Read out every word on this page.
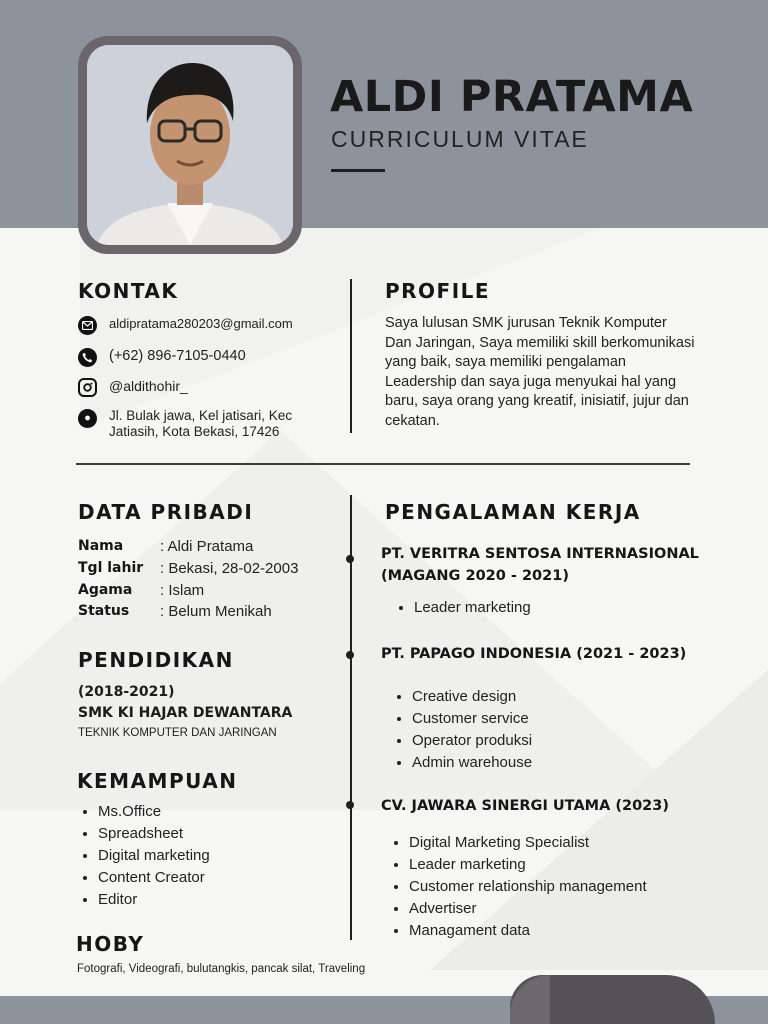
ALDI PRATAMA
CURRICULUM VITAE
KONTAK
aldipratama280203@gmail.com
(+62) 896-7105-0440
@aldithohir_
Jl. Bulak jawa, Kel jatisari, Kec
Jatiasih, Kota Bekasi, 17426
PROFILE
Saya lulusan SMK jurusan Teknik Komputer Dan Jaringan, Saya memiliki skill berkomunikasi yang baik, saya memiliki pengalaman Leadership dan saya juga menyukai hal yang baru, saya orang yang kreatif, inisiatif, jujur dan cekatan.
DATA PRIBADI
Nama : Aldi Pratama
Tgl lahir : Bekasi, 28-02-2003
Agama : Islam
Status : Belum Menikah
PENDIDIKAN
(2018-2021)
SMK KI HAJAR DEWANTARA
TEKNIK KOMPUTER DAN JARINGAN
KEMAMPUAN
• Ms.Office
• Spreadsheet
• Digital marketing
• Content Creator
• Editor
HOBY
Fotografi, Videografi, bulutangkis, pancak silat, Traveling
PENGALAMAN KERJA
PT. VERITRA SENTOSA INTERNASIONAL
(MAGANG 2020 - 2021)
• Leader marketing
PT. PAPAGO INDONESIA (2021 - 2023)
• Creative design
• Customer service
• Operator produksi
• Admin warehouse
CV. JAWARA SINERGI UTAMA (2023)
• Digital Marketing Specialist
• Leader marketing
• Customer relationship management
• Advertiser
• Managament data
